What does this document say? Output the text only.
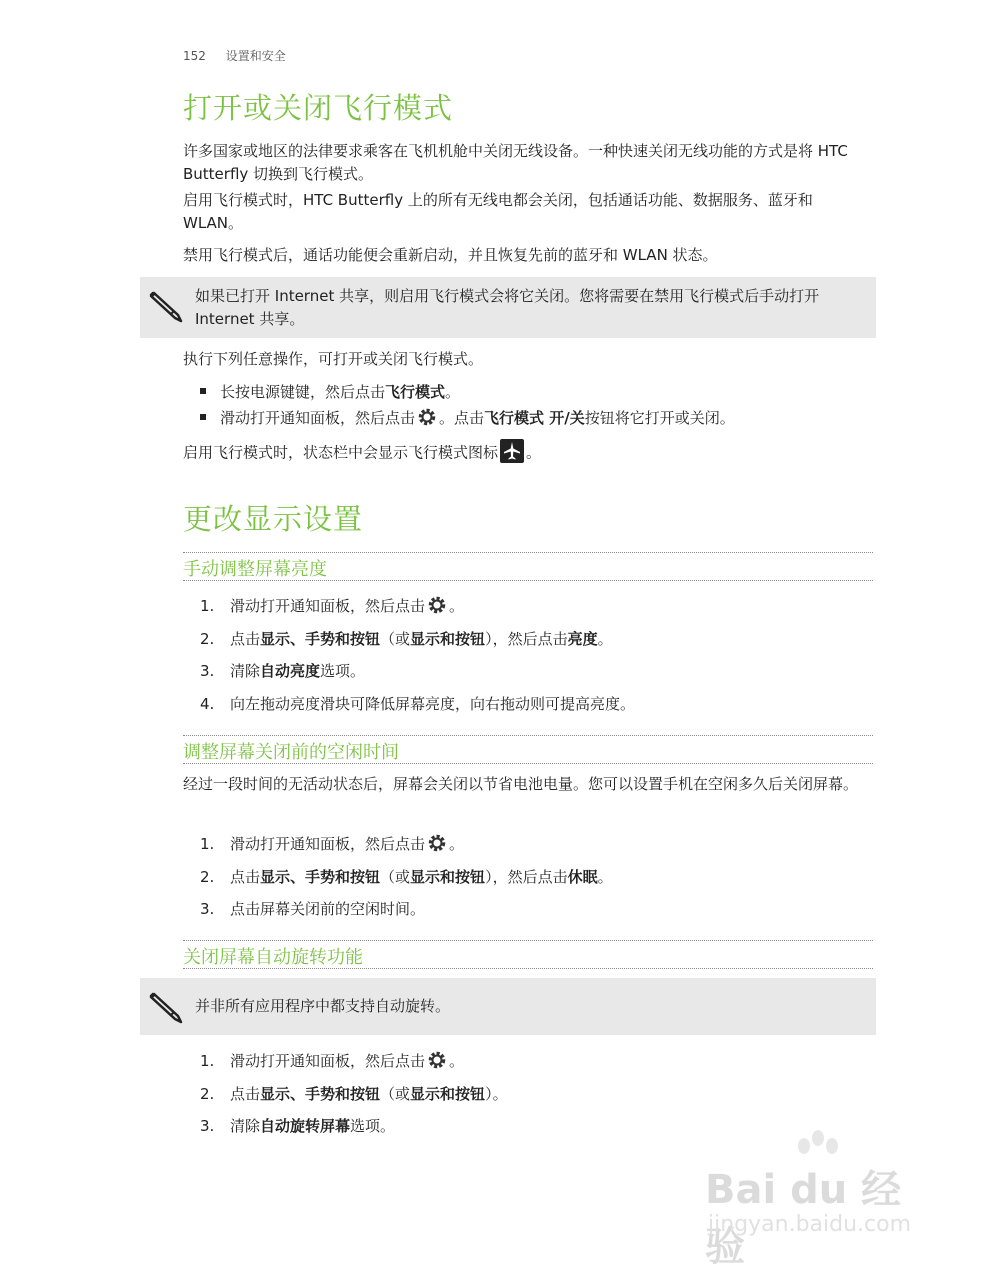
152 设置和安全
打开或关闭飞行模式

许多国家或地区的法律要求乘客在飞机机舱中关闭无线设备。一种快速关闭无线功能的方式是将 HTC Butterfly 切换到飞行模式。

启用飞行模式时，HTC Butterfly 上的所有无线电都会关闭，包括通话功能、数据服务、蓝牙和 WLAN。

禁用飞行模式后，通话功能便会重新启动，并且恢复先前的蓝牙和 WLAN 状态。

如果已打开 Internet 共享，则启用飞行模式会将它关闭。您将需要在禁用飞行模式后手动打开 Internet 共享。

执行下列任意操作，可打开或关闭飞行模式。

长按电源键键，然后点击飞行模式。
滑动打开通知面板，然后点击 。点击飞行模式 开/关按钮将它打开或关闭。

启用飞行模式时，状态栏中会显示飞行模式图标 。

更改显示设置
手动调整屏幕亮度
1. 滑动打开通知面板，然后点击 。
2. 点击显示、手势和按钮（或显示和按钮），然后点击亮度。
3. 清除自动亮度选项。
4. 向左拖动亮度滑块可降低屏幕亮度，向右拖动则可提高亮度。
调整屏幕关闭前的空闲时间

经过一段时间的无活动状态后，屏幕会关闭以节省电池电量。您可以设置手机在空闲多久后关闭屏幕。

1. 滑动打开通知面板，然后点击 。
2. 点击显示、手势和按钮（或显示和按钮），然后点击休眠。
3. 点击屏幕关闭前的空闲时间。
关闭屏幕自动旋转功能
并非所有应用程序中都支持自动旋转。
1. 滑动打开通知面板，然后点击 。
2. 点击显示、手势和按钮（或显示和按钮）。
3. 清除自动旋转屏幕选项。
Bai du 经验
jingyan.baidu.com
